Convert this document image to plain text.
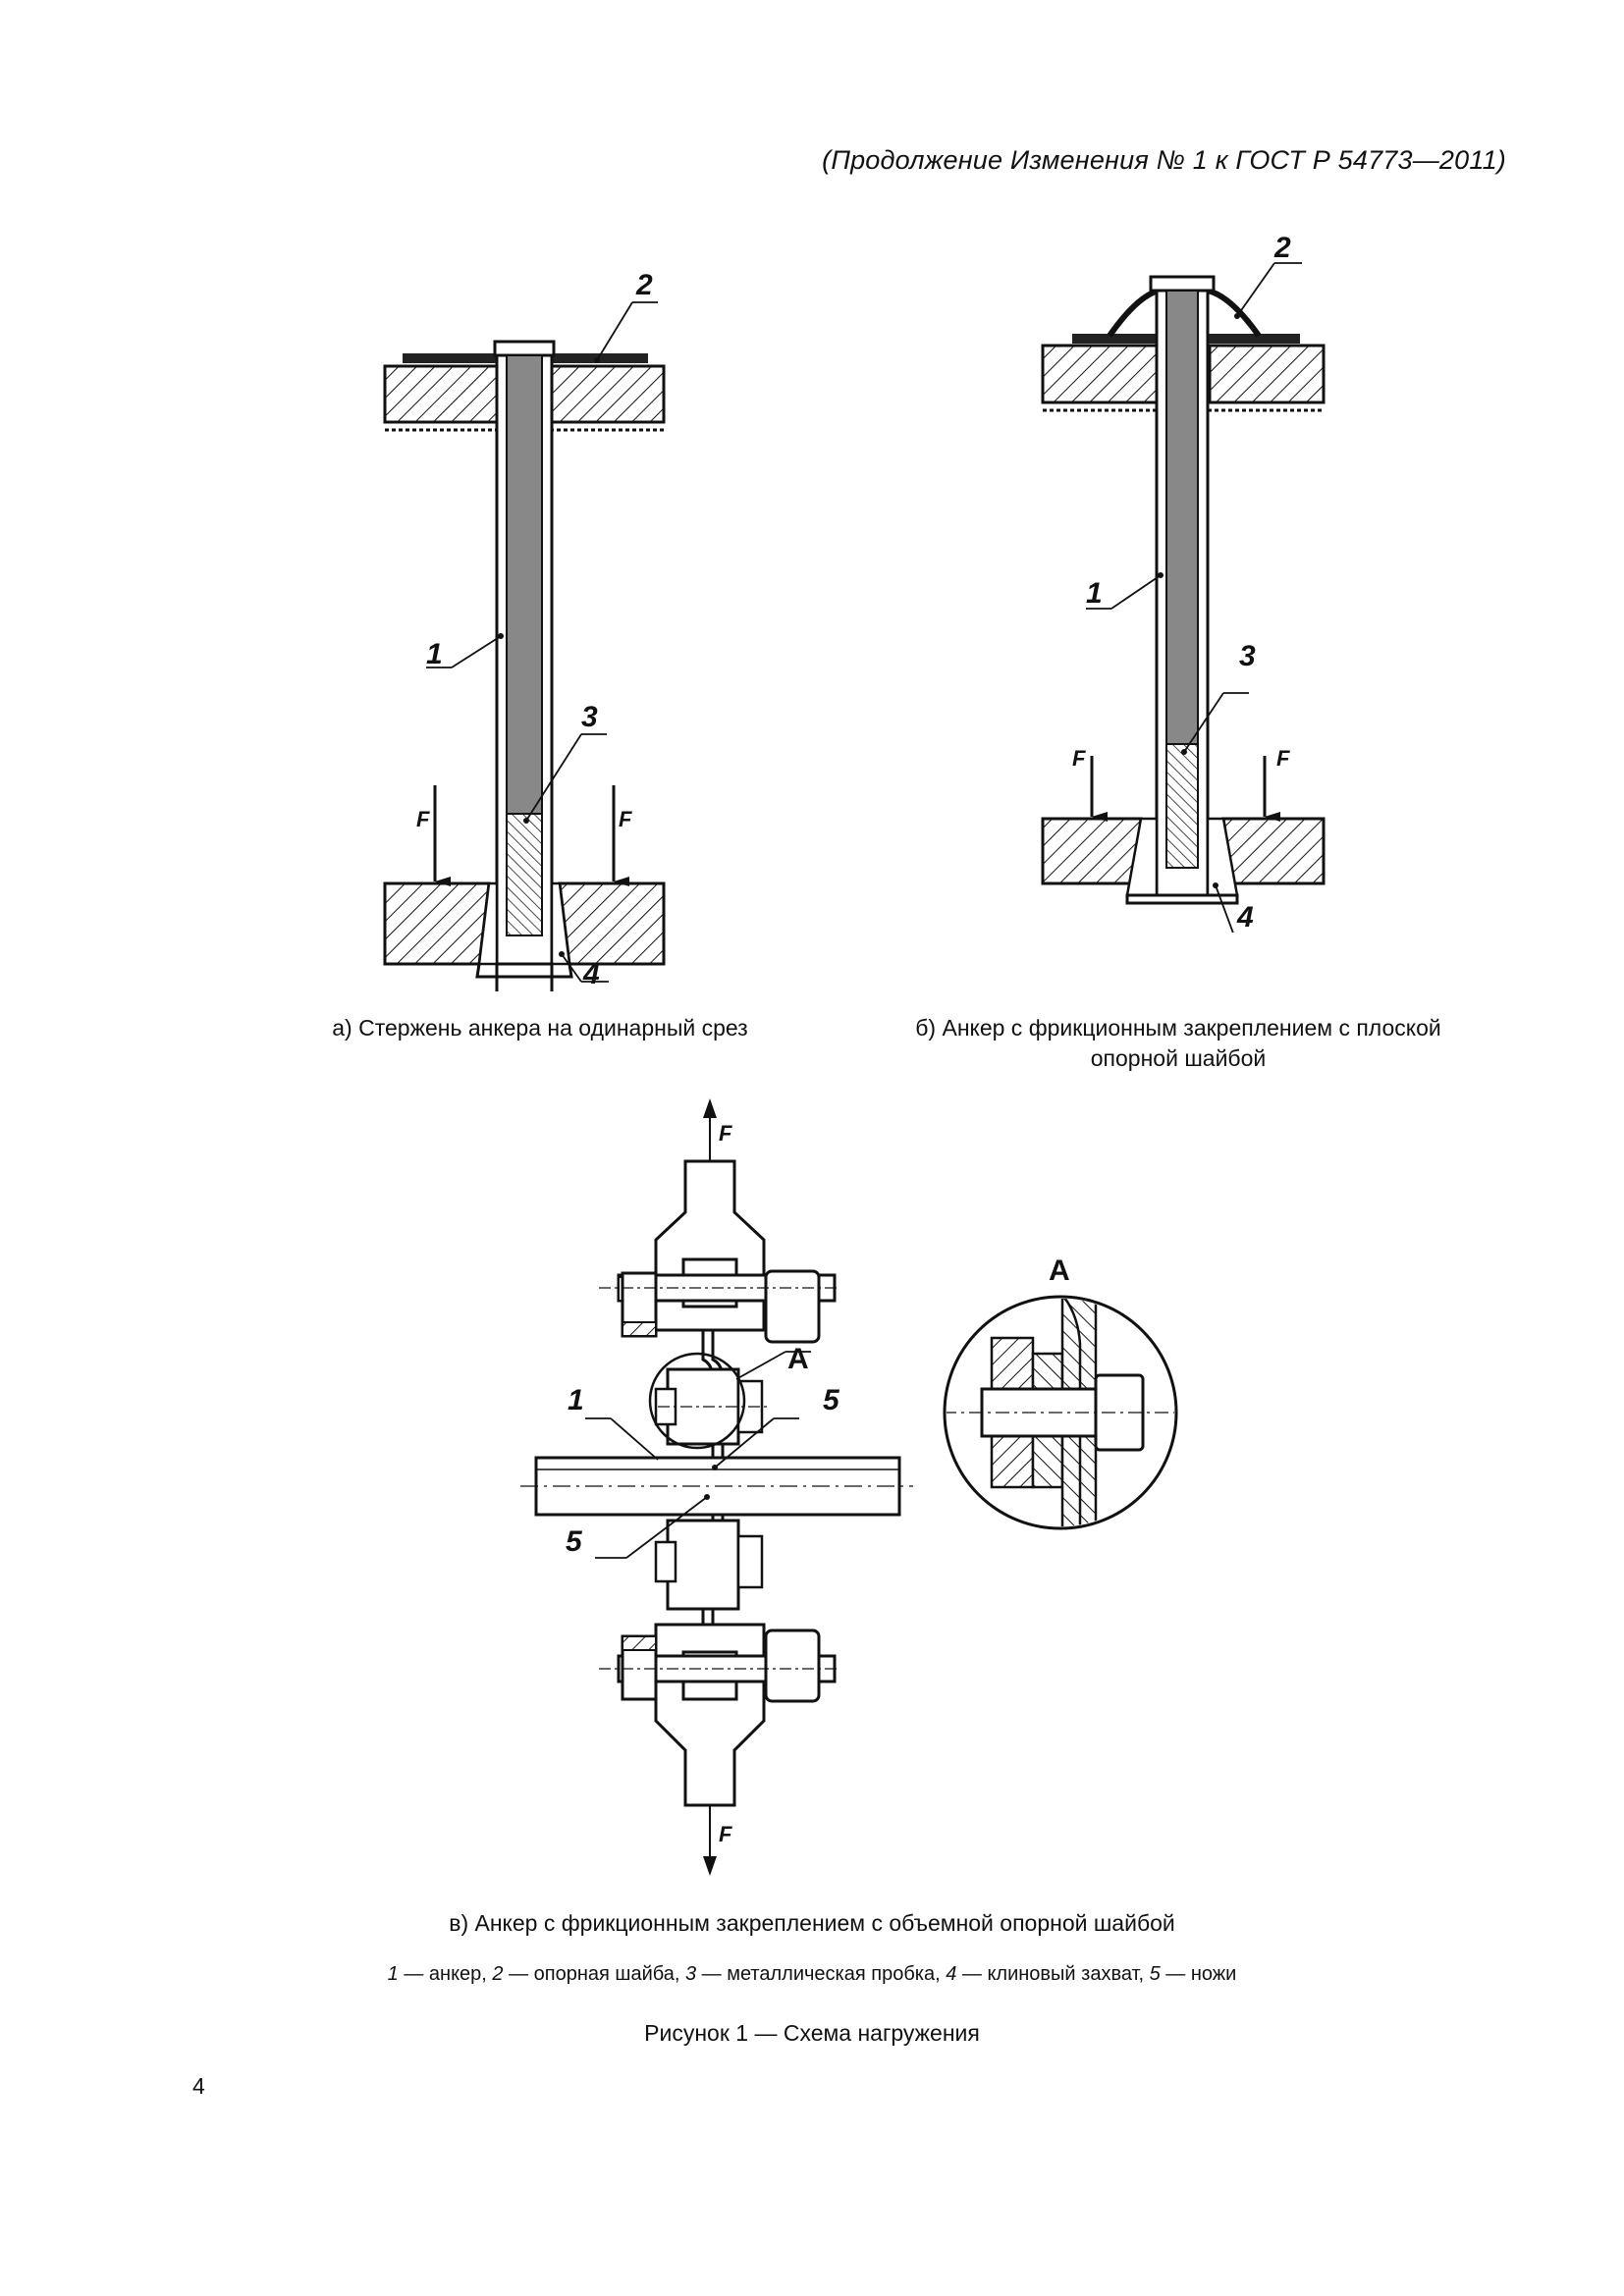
(Продолжение Изменения № 1 к ГОСТ Р 54773—2011)
1
2
3
4
F	F
а) Стержень анкера на одинарный срез
1
2
3
4
F	F
б) Анкер с фрикционным закреплением с плоской
опорной шайбой
F
F
1
А
5
5
А
в) Анкер с фрикционным закреплением с объемной опорной шайбой
1 — анкер, 2 — опорная шайба, 3 — металлическая пробка, 4 — клиновый захват, 5 — ножи
Рисунок 1 — Схема нагружения
4
